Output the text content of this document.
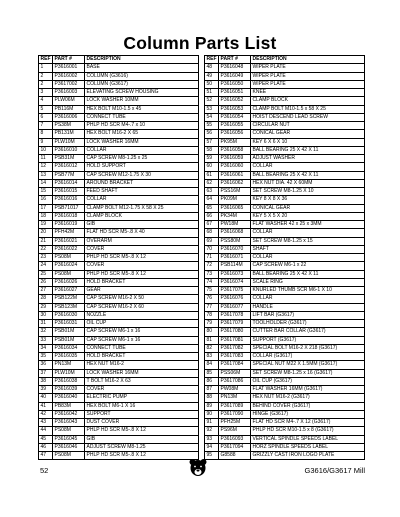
Column Parts List
REF	PART #	DESCRIPTION
1	P3616001	BASE
2	P3616002	COLUMN (G3616)
2	P3617002	COLUMN (G3617)
3	P3616003	ELEVATING SCREW HOUSING
4	PLW06M	LOCK WASHER 10MM
5	PB116M	HEX BOLT M10-1.5 x 45
6	P3616006	CONNECT TUBE
7	PS38M	PHLP HD SCR M4-.7 x 10
8	PB131M	HEX BOLT M16-2 X 65
9	PLW10M	LOCK WASHER 16MM
10	P3616010	COLLAR
11	PSB31M	CAP SCREW M8-1.25 x 25
12	P3616012	HOLD SUPPORT
13	PSB77M	CAP SCREW M12-1.75 X 30
14	P3616014	AROUND BRACKET
15	P3616015	FEED SHAFT
16	P3616016	COLLAR
17	PSB71017	CLAMP BOLT M12-1.75 X 58 X 25
18	P3616018	CLAMP BLOCK
19	P3616019	GIB
20	PFH42M	FLAT HD SCR M5-.8 X 40
21	P3616021	OVERARM
22	P3616022	COVER
23	PS08M	PHLP HD SCR M5-.8 X 12
24	P3616024	COVER
25	PS08M	PHLP HD SCR M5-.8 X 12
26	P3616026	HOLD BRACKET
27	P3616027	GEAR
28	PSB122M	CAP SCREW M16-2 X 50
29	PSB123M	CAP SCREW M16-2 X 60
30	P3616030	NOZZLE
31	P3616031	OIL CUP
32	PSB01M	CAP SCREW M6-1 x 16
33	PSB01M	CAP SCREW M6-1 x 16
34	P3616034	CONNECT TUBE
35	P3616035	HOLD BRACKET
36	PN13M	HEX NUT M16-2
37	PLW10M	LOCK WASHER 16MM
38	P3616038	T BOLT M16-2 X 63
39	P3616039	COVER
40	P3616040	ELECTRIC PUMP
41	PB83M	HEX BOLT M6-1 X 16
42	P3616042	SUPPORT
43	P3616043	DUST COVER
44	PS08M	PHLP HD SCR M5-.8 X 12
45	P3616045	GIB
46	P3616046	ADJUST SCREW M8-1.25
47	PS08M	PHLP HD SCR M5-.8 X 12
REF	PART #	DESCRIPTION
48	P3616048	WIPER PLATE
49	P3616049	WIPER PLATE
50	P3616050	WIPER PLATE
51	P3616051	KNEE
52	P3616052	CLAMP BLOCK
53	P3616053	CLAMP BOLT M10-1.5 x 58 X 25
54	P3616054	HOIST DESCEND LEAD SCREW
55	P3616055	CIRCULAR NUT
56	P3616056	CONICAL GEAR
57	PK95M	KEY 6 X 6 X 10
58	P3616058	BALL BEARING 25 X 42 X 11
59	P3616059	ADJUST WASHER
60	P3616060	COLLAR
61	P3616061	BALL BEARING 25 X 42 X 11
62	P3616062	HEX NUT DIA. 42 X 60MM
63	PSS16M	SET SCREW M8-1.25 X 10
64	PK09M	KEY 8 X 8 X 36
65	P3616065	CONICAL GEAR
66	PK34M	KEY 5 X 5 X 20
67	PW18M	FLAT WASHER 42 x 25 x 3MM
68	P3616068	COLLAR
69	PSS80M	SET SCREW M8-1.25 x 15
70	P3616070	SHAFT
71	P3616071	COLLAR
72	PSB114M	CAP SCREW M6-1 x 22
73	P3616073	BALL BEARING 25 X 42 X 11
74	P3616074	SCALE RING
75	P3617075	KNURLED THUMB SCR M6-1 X 10
76	P3616076	COLLAR
77	P3616077	HANDLE
78	P3617078	LIFT BAR (G3617)
79	P3617079	TOOLHOLDER (G3617)
80	P3617080	CUTTER BAR COLLAR (G3617)
81	P3617081	SUPPORT (G3617)
82	P3617082	SPECIAL BOLT M16-2 X 218 (G3617)
83	P3617083	COLLAR (G3617)
84	P3617084	SPECIAL NUT M22 X 1.5MM (G3617)
85	PSS06M	SET SCREW M8-1.25 x 16 (G3617)
86	P3617086	OIL CUP (G3617)
87	PW08M	FLAT WASHER 16MM (G3617)
88	PN13M	HEX NUT M16-2 (G3617)
89	P3617089	BEHIND COVER (G3617)
90	P3617090	HINGE (G3617)
91	PFH25M	FLAT HD SCR M4-.7 X 12 (G3617)
92	PS96M	PHLP HD SCR M10-1.5 x 8 (G3617)
93	P3616093	VERTICAL SPINDLE SPEEDS LABEL
94	P3617094	HORZ SPINDLE SPEEDS LABEL
95	G8588	GRIZZLY CAST IRON LOGO PLATE
52	G3616/G3617 Mill
